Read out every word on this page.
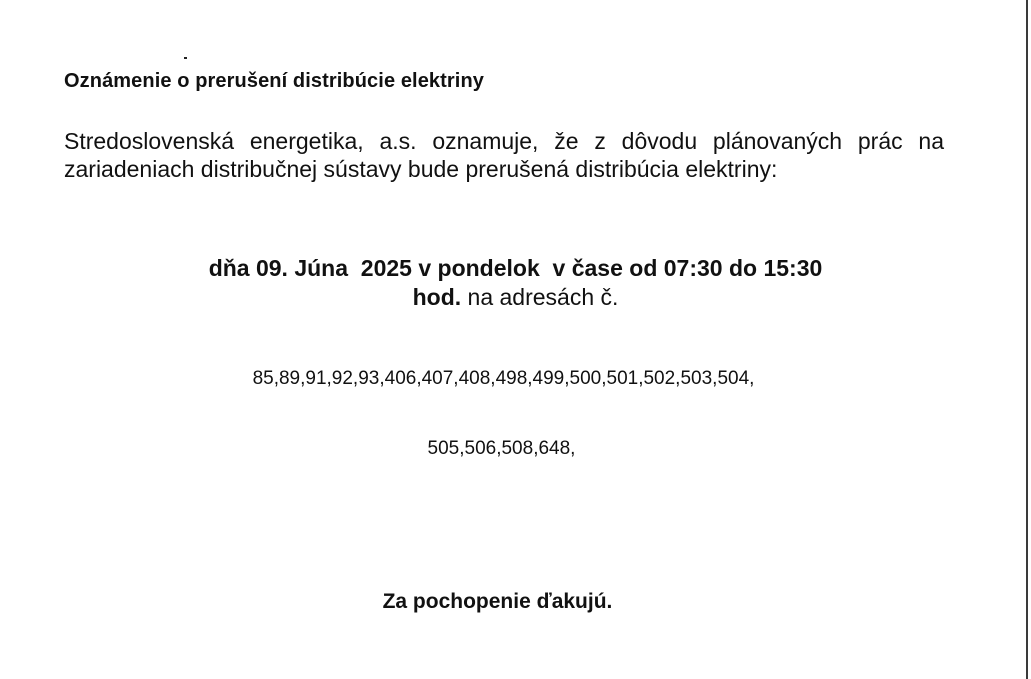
Oznámenie o prerušení distribúcie elektriny
Stredoslovenská energetika, a.s. oznamuje, že z dôvodu plánovaných prác na zariadeniach distribučnej sústavy bude prerušená distribúcia elektriny:
dňa 09. Júna  2025 v pondelok  v čase od 07:30 do 15:30
hod. na adresách č.
85,89,91,92,93,406,407,408,498,499,500,501,502,503,504,
505,506,508,648,
Za pochopenie ďakujú.
